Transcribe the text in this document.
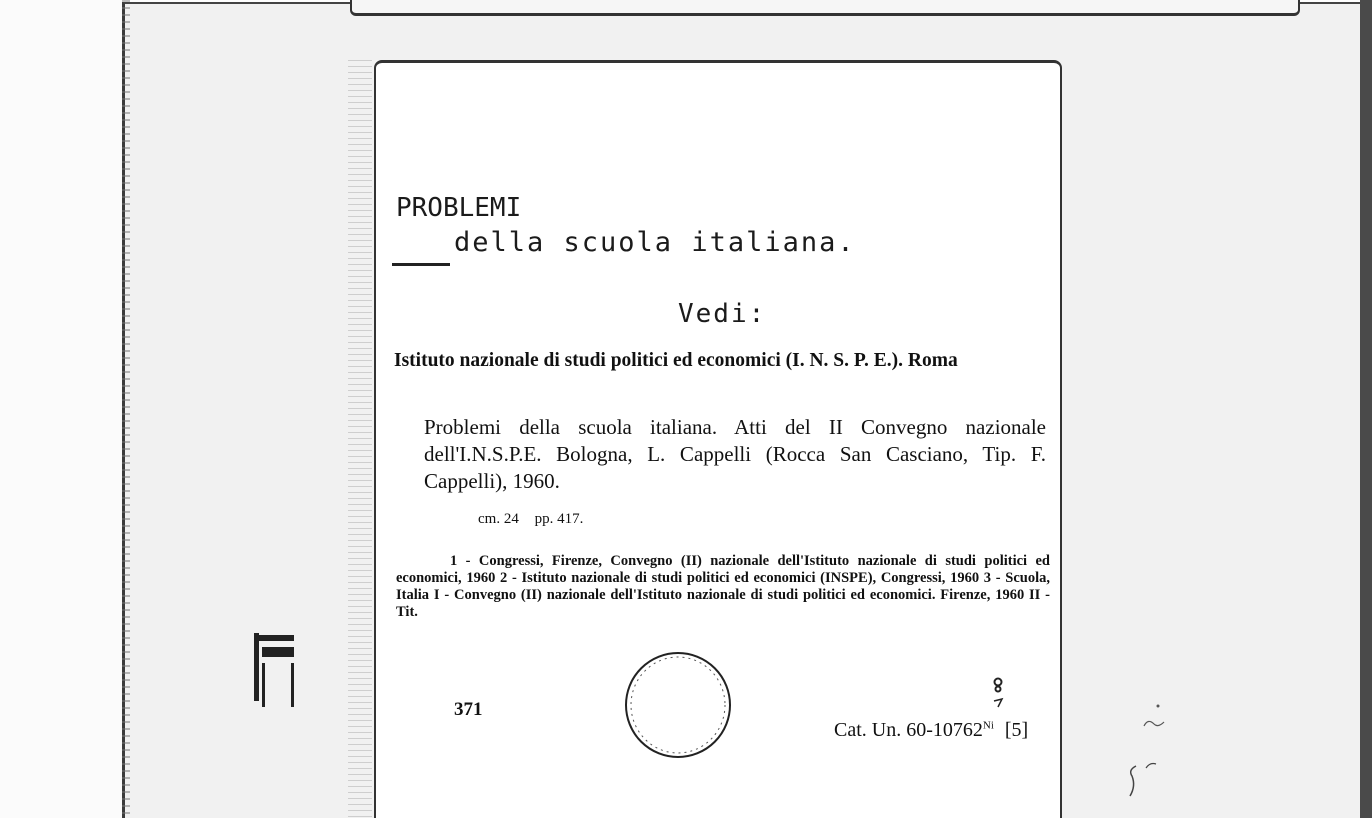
PROBLEMI
della scuola italiana.
Vedi:
Istituto nazionale di studi politici ed economici (I. N. S. P. E.). Roma
Problemi della scuola italiana. Atti del II Convegno nazionale dell'I.N.S.P.E. Bologna, L. Cappelli (Rocca San Casciano, Tip. F. Cappelli), 1960.
cm. 24 pp. 417.
1 - Congressi, Firenze, Convegno (II) nazionale dell'Istituto nazionale di studi politici ed economici, 1960 2 - Istituto nazionale di studi politici ed economici (INSPE), Congressi, 1960 3 - Scuola, Italia I - Convegno (II) nazionale dell'Istituto nazionale di studi politici ed economici. Firenze, 1960 II - Tit.
371
Cat. Un. $60-10762^{Ni}$ [5]
